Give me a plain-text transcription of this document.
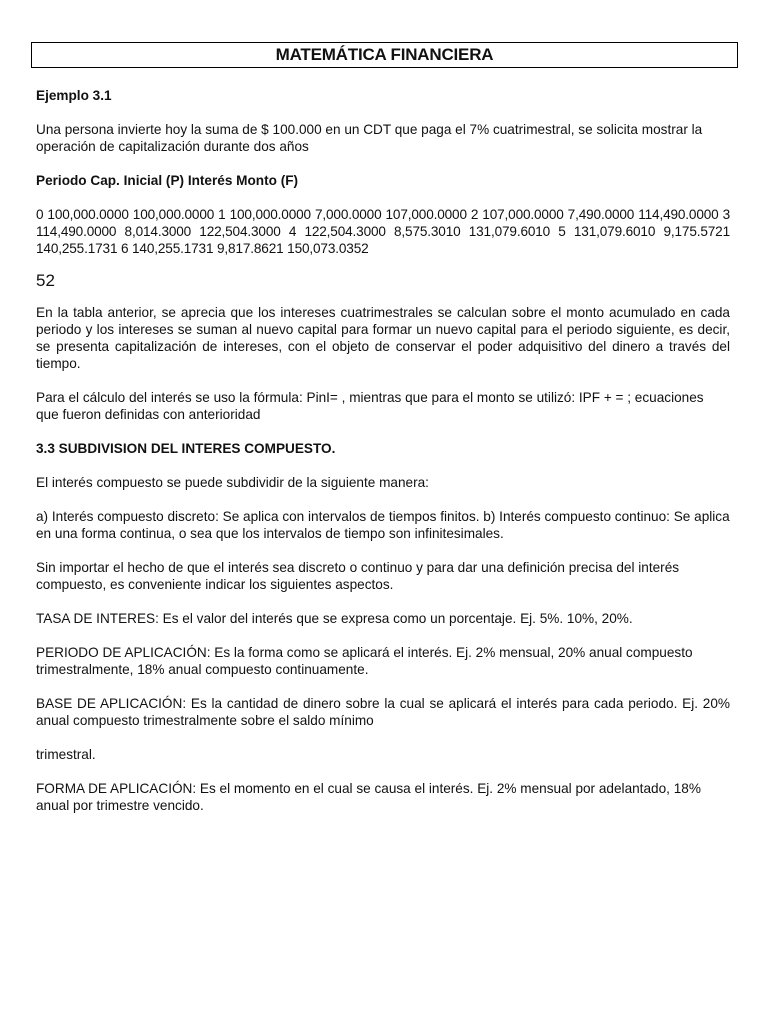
MATEMÁTICA FINANCIERA

Ejemplo 3.1

Una persona invierte hoy la suma de $ 100.000 en un CDT que paga el 7% cuatrimestral, se solicita mostrar la operación de capitalización durante dos años

Periodo Cap. Inicial (P) Interés Monto (F)

0 100,000.0000 100,000.0000 1 100,000.0000 7,000.0000 107,000.0000 2 107,000.0000 7,490.0000 114,490.0000 3 114,490.0000 8,014.3000 122,504.3000 4 122,504.3000 8,575.3010 131,079.6010 5 131,079.6010 9,175.5721 140,255.1731 6 140,255.1731 9,817.8621 150,073.0352

52

En la tabla anterior, se aprecia que los intereses cuatrimestrales se calculan sobre el monto acumulado en cada periodo y los intereses se suman al nuevo capital para formar un nuevo capital para el periodo siguiente, es decir, se presenta capitalización de intereses, con el objeto de conservar el poder adquisitivo del dinero a través del tiempo.

Para el cálculo del interés se uso la fórmula: PinI= , mientras que para el monto se utilizó: IPF + = ; ecuaciones que fueron definidas con anterioridad

3.3 SUBDIVISION DEL INTERES COMPUESTO.

El interés compuesto se puede subdividir de la siguiente manera:

a) Interés compuesto discreto: Se aplica con intervalos de tiempos finitos. b) Interés compuesto continuo: Se aplica en una forma continua, o sea que los intervalos de tiempo son infinitesimales.

Sin importar el hecho de que el interés sea discreto o continuo y para dar una definición precisa del interés compuesto, es conveniente indicar los siguientes aspectos.

TASA DE INTERES: Es el valor del interés que se expresa como un porcentaje. Ej. 5%. 10%, 20%.

PERIODO DE APLICACIÓN: Es la forma como se aplicará el interés. Ej. 2% mensual, 20% anual compuesto trimestralmente, 18% anual compuesto continuamente.

BASE DE APLICACIÓN: Es la cantidad de dinero sobre la cual se aplicará el interés para cada periodo. Ej. 20% anual compuesto trimestralmente sobre el saldo mínimo

trimestral.

FORMA DE APLICACIÓN: Es el momento en el cual se causa el interés. Ej. 2% mensual por adelantado, 18% anual por trimestre vencido.
